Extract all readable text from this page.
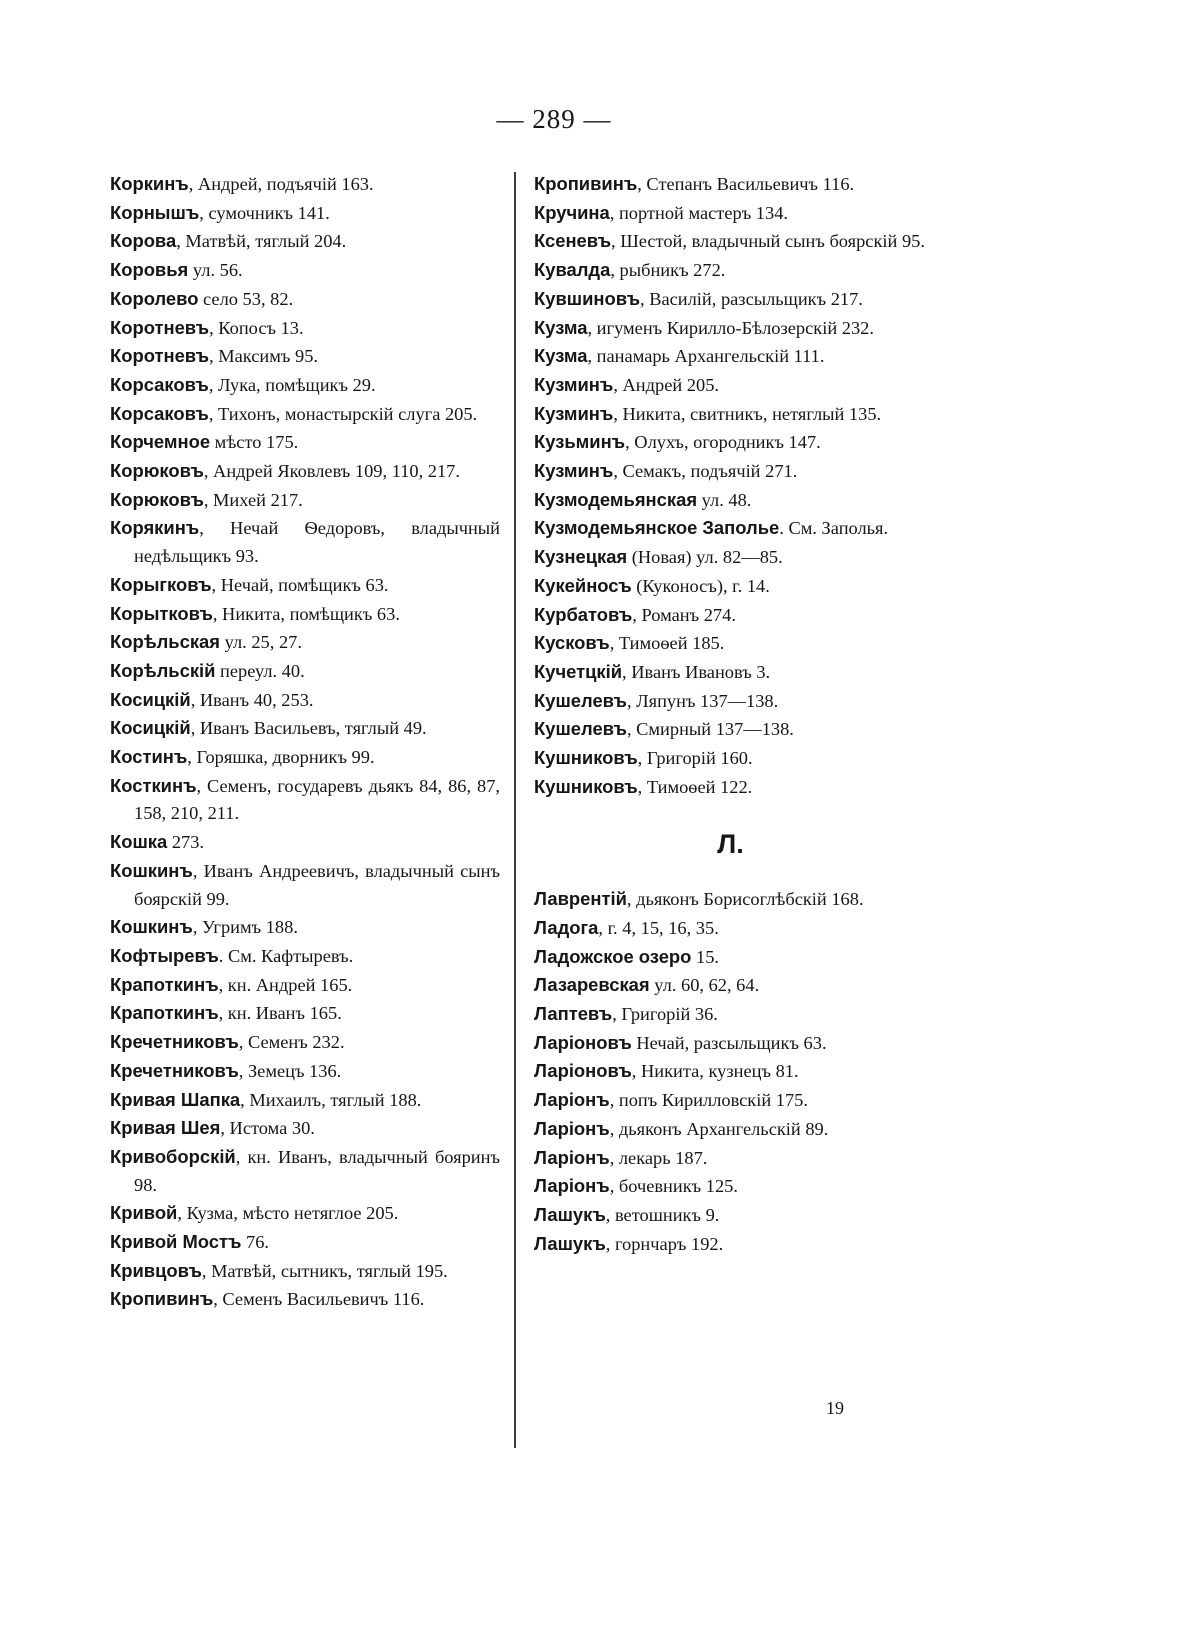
— 289 —
Коркинъ, Андрей, подъячій 163.
Корнышъ, сумочникъ 141.
Корова, Матвѣй, тяглый 204.
Коровья ул. 56.
Королево село 53, 82.
Коротневъ, Копосъ 13.
Коротневъ, Максимъ 95.
Корсаковъ, Лука, помѣщикъ 29.
Корсаковъ, Тихонъ, монастырскій слуга 205.
Корчемное мѣсто 175.
Корюковъ, Андрей Яковлевъ 109, 110, 217.
Корюковъ, Михей 217.
Корякинъ, Нечай Ѳедоровъ, владычный недѣльщикъ 93.
Корыгковъ, Нечай, помѣщикъ 63.
Корытковъ, Никита, помѣщикъ 63.
Корѣльская ул. 25, 27.
Корѣльскій переул. 40.
Косицкій, Иванъ 40, 253.
Косицкій, Иванъ Васильевъ, тяглый 49.
Костинъ, Горяшка, дворникъ 99.
Косткинъ, Семенъ, государевъ дьякъ 84, 86, 87, 158, 210, 211.
Кошка 273.
Кошкинъ, Иванъ Андреевичъ, владычный сынъ боярскій 99.
Кошкинъ, Угримъ 188.
Кофтыревъ. См. Кафтыревъ.
Крапоткинъ, кн. Андрей 165.
Крапоткинъ, кн. Иванъ 165.
Кречетниковъ, Семенъ 232.
Кречетниковъ, Земецъ 136.
Кривая Шапка, Михаилъ, тяглый 188.
Кривая Шея, Истома 30.
Кривоборскій, кн. Иванъ, владычный бояринъ 98.
Кривой, Кузма, мѣсто нетяглое 205.
Кривой Мостъ 76.
Кривцовъ, Матвѣй, сытникъ, тяглый 195.
Кропивинъ, Семенъ Васильевичъ 116.
Кропивинъ, Степанъ Васильевичъ 116.
Кручина, портной мастеръ 134.
Ксеневъ, Шестой, владычный сынъ боярскій 95.
Кувалда, рыбникъ 272.
Кувшиновъ, Василій, разсыльщикъ 217.
Кузма, игуменъ Кирилло-Бѣлозерскій 232.
Кузма, панамарь Архангельскій 111.
Кузминъ, Андрей 205.
Кузминъ, Никита, свитникъ, нетяглый 135.
Кузьминъ, Олухъ, огородникъ 147.
Кузминъ, Семакъ, подъячій 271.
Кузмодемьянская ул. 48.
Кузмодемьянское Заполье. См. Заполья.
Кузнецкая (Новая) ул. 82—85.
Кукейносъ (Куконосъ), г. 14.
Курбатовъ, Романъ 274.
Кусковъ, Тимоѳей 185.
Кучетцкій, Иванъ Ивановъ 3.
Кушелевъ, Ляпунъ 137—138.
Кушелевъ, Смирный 137—138.
Кушниковъ, Григорій 160.
Кушниковъ, Тимоѳей 122.
Л.
Лаврентій, дьяконъ Борисоглѣбскій 168.
Ладога, г. 4, 15, 16, 35.
Ладожское озеро 15.
Лазаревская ул. 60, 62, 64.
Лаптевъ, Григорій 36.
Ларіоновъ Нечай, разсыльщикъ 63.
Ларіоновъ, Никита, кузнецъ 81.
Ларіонъ, попъ Кирилловскій 175.
Ларіонъ, дьяконъ Архангельскій 89.
Ларіонъ, лекарь 187.
Ларіонъ, бочевникъ 125.
Лашукъ, ветошникъ 9.
Лашукъ, горнчаръ 192.
19
